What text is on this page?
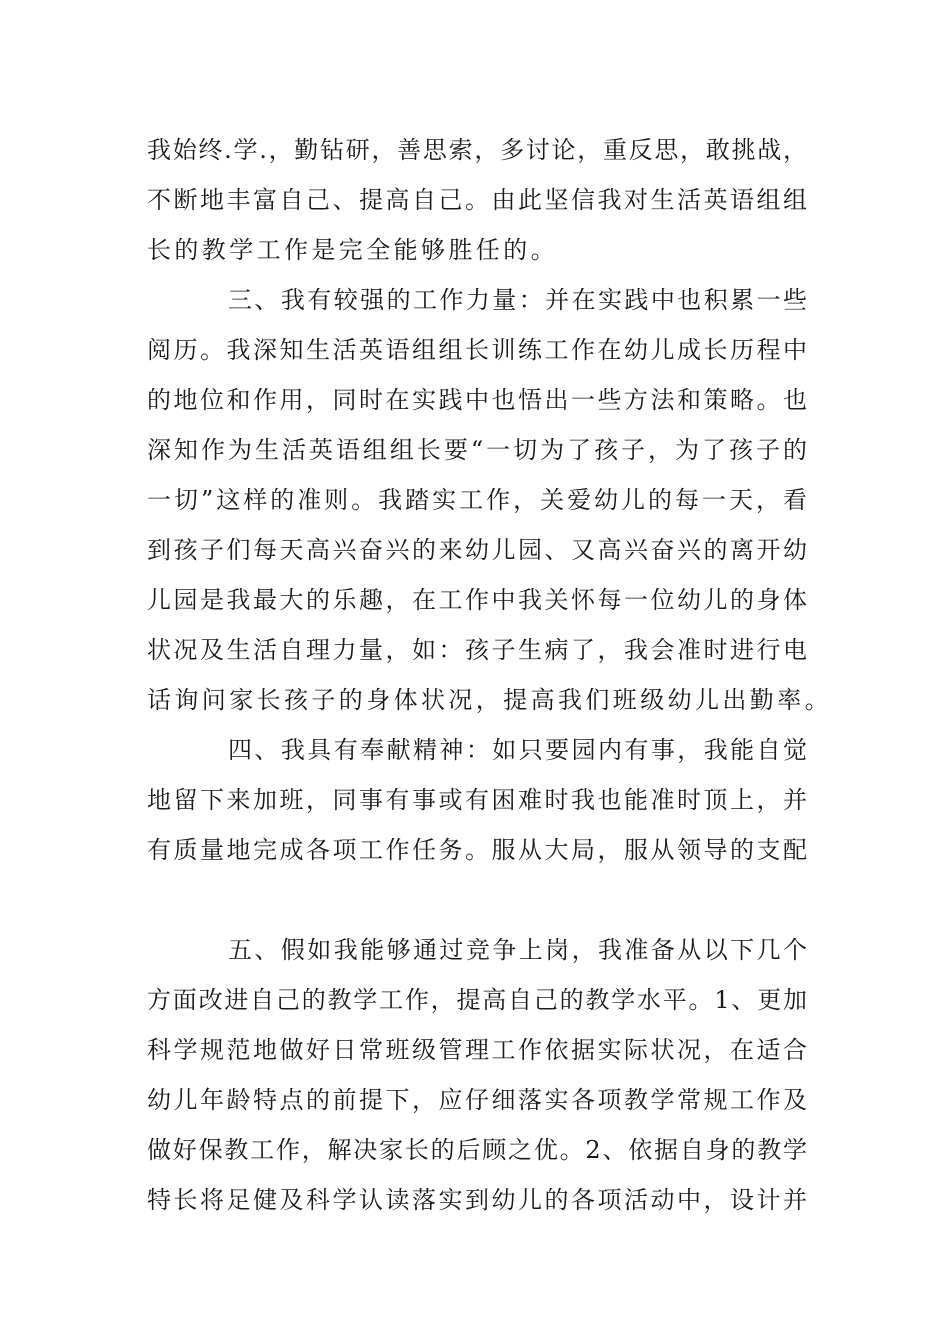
我始终.学.，勤钻研，善思索，多讨论，重反思，敢挑战，
不断地丰富自己、提高自己。由此坚信我对生活英语组组
长的教学工作是完全能够胜任的。
三、我有较强的工作力量：并在实践中也积累一些
阅历。我深知生活英语组组长训练工作在幼儿成长历程中
的地位和作用，同时在实践中也悟出一些方法和策略。也
深知作为生活英语组组长要“一切为了孩子，为了孩子的
一切”这样的准则。我踏实工作，关爱幼儿的每一天，看
到孩子们每天高兴奋兴的来幼儿园、又高兴奋兴的离开幼
儿园是我最大的乐趣，在工作中我关怀每一位幼儿的身体
状况及生活自理力量，如：孩子生病了，我会准时进行电
话询问家长孩子的身体状况，提高我们班级幼儿出勤率。
四、我具有奉献精神：如只要园内有事，我能自觉
地留下来加班，同事有事或有困难时我也能准时顶上，并
有质量地完成各项工作任务。服从大局，服从领导的支配
五、假如我能够通过竞争上岗，我准备从以下几个
方面改进自己的教学工作，提高自己的教学水平。1、更加
科学规范地做好日常班级管理工作依据实际状况，在适合
幼儿年龄特点的前提下，应仔细落实各项教学常规工作及
做好保教工作，解决家长的后顾之优。2、依据自身的教学
特长将足健及科学认读落实到幼儿的各项活动中，设计并
